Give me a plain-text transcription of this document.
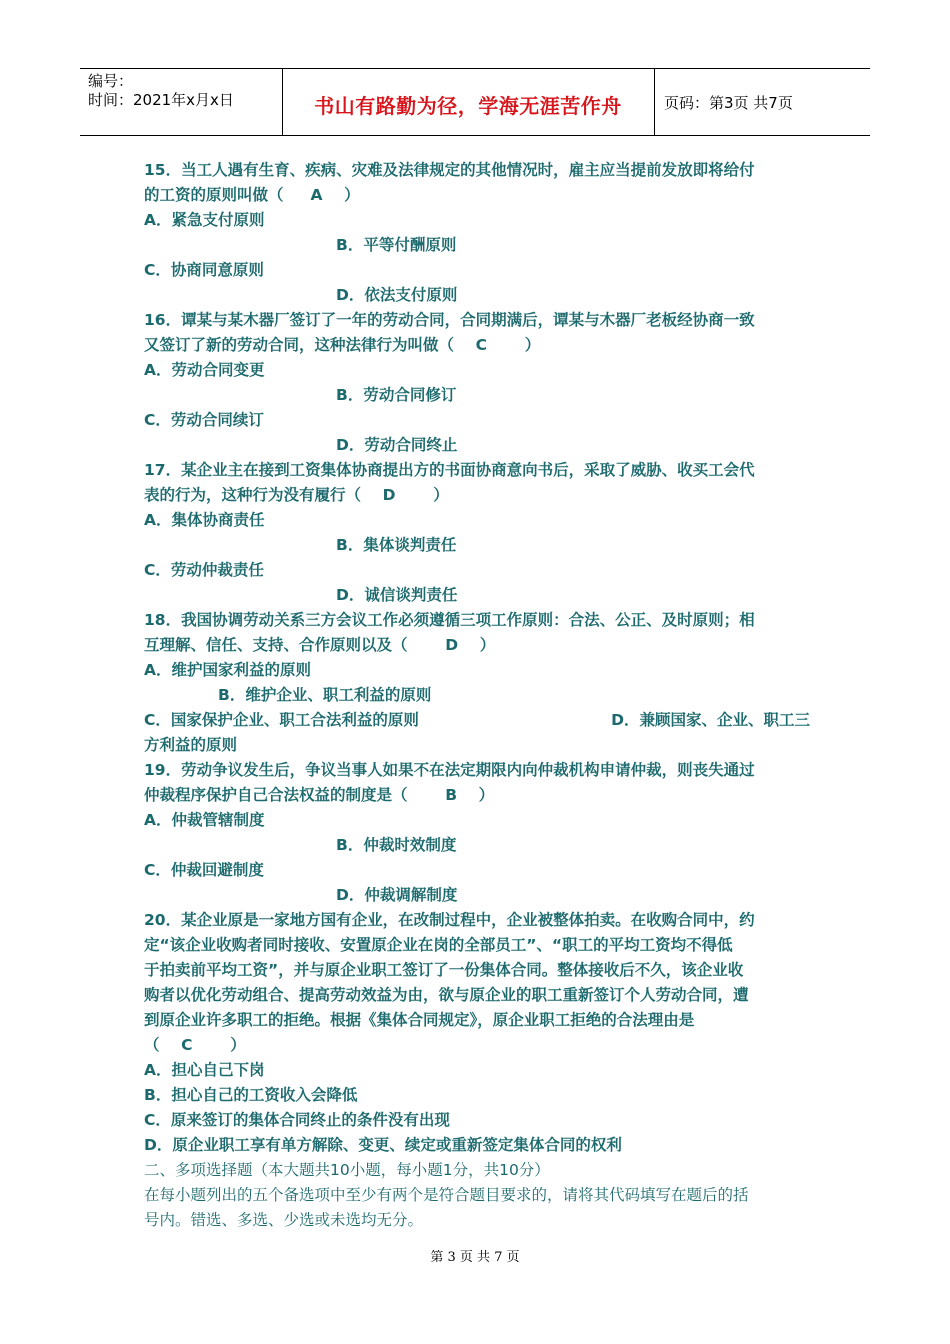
编号：
时间：2021年x月x日	书山有路勤为径，学海无涯苦作舟	页码：第3页 共7页
15．当工人遇有生育、疾病、灾难及法律规定的其他情况时，雇主应当提前发放即将给付
的工资的原则叫做（     A    ）
A．紧急支付原则
B．平等付酬原则
C．协商同意原则
D．依法支付原则
16．谭某与某木器厂签订了一年的劳动合同，合同期满后，谭某与木器厂老板经协商一致
又签订了新的劳动合同，这种法律行为叫做（    C       ）
A．劳动合同变更
B．劳动合同修订
C．劳动合同续订
D．劳动合同终止
17．某企业主在接到工资集体协商提出方的书面协商意向书后，采取了威胁、收买工会代
表的行为，这种行为没有履行（    D       ）
A．集体协商责任
B．集体谈判责任
C．劳动仲裁责任
D．诚信谈判责任
18．我国协调劳动关系三方会议工作必须遵循三项工作原则：合法、公正、及时原则；相
互理解、信任、支持、合作原则以及（       D    ）
A．维护国家利益的原则
B．维护企业、职工利益的原则
C．国家保护企业、职工合法利益的原则	D．兼顾国家、企业、职工三
方利益的原则
19．劳动争议发生后，争议当事人如果不在法定期限内向仲裁机构申请仲裁，则丧失通过
仲裁程序保护自己合法权益的制度是（       B    ）
A．仲裁管辖制度
B．仲裁时效制度
C．仲裁回避制度
D．仲裁调解制度
20．某企业原是一家地方国有企业，在改制过程中，企业被整体拍卖。在收购合同中，约
定“该企业收购者同时接收、安置原企业在岗的全部员工”、“职工的平均工资均不得低
于拍卖前平均工资”，并与原企业职工签订了一份集体合同。整体接收后不久，该企业收
购者以优化劳动组合、提高劳动效益为由，欲与原企业的职工重新签订个人劳动合同，遭
到原企业许多职工的拒绝。根据《集体合同规定》，原企业职工拒绝的合法理由是
（    C       ）
A．担心自己下岗
B．担心自己的工资收入会降低
C．原来签订的集体合同终止的条件没有出现
D．原企业职工享有单方解除、变更、续定或重新签定集体合同的权利
二、多项选择题（本大题共10小题，每小题1分，共10分）
在每小题列出的五个备选项中至少有两个是符合题目要求的，请将其代码填写在题后的括
号内。错选、多选、少选或未选均无分。
第 3 页 共 7 页
